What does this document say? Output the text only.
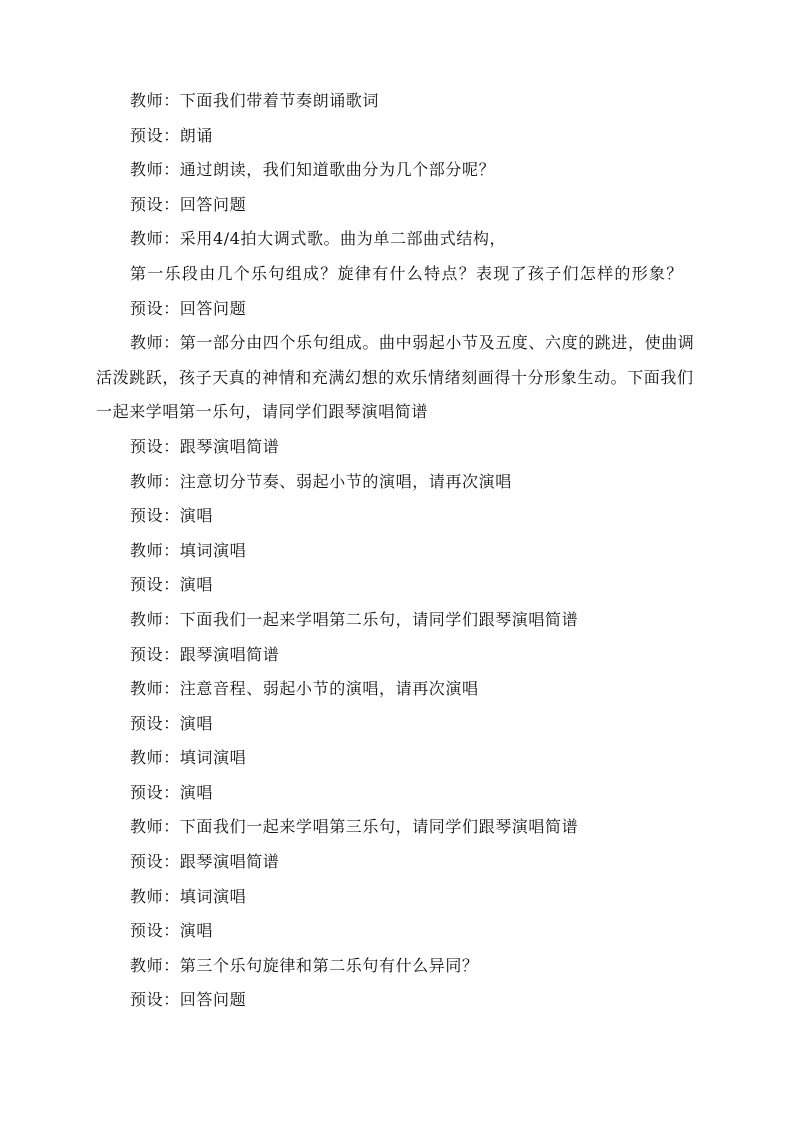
教师：下面我们带着节奏朗诵歌词

预设：朗诵

教师：通过朗读，我们知道歌曲分为几个部分呢？

预设：回答问题

教师：采用4/4拍大调式歌。曲为单二部曲式结构，

第一乐段由几个乐句组成？旋律有什么特点？表现了孩子们怎样的形象？

预设：回答问题

教师：第一部分由四个乐句组成。曲中弱起小节及五度、六度的跳进，使曲调活泼跳跃，孩子天真的神情和充满幻想的欢乐情绪刻画得十分形象生动。下面我们一起来学唱第一乐句，请同学们跟琴演唱简谱

预设：跟琴演唱简谱

教师：注意切分节奏、弱起小节的演唱，请再次演唱

预设：演唱

教师：填词演唱

预设：演唱

教师：下面我们一起来学唱第二乐句，请同学们跟琴演唱简谱

预设：跟琴演唱简谱

教师：注意音程、弱起小节的演唱，请再次演唱

预设：演唱

教师：填词演唱

预设：演唱

教师：下面我们一起来学唱第三乐句，请同学们跟琴演唱简谱

预设：跟琴演唱简谱

教师：填词演唱

预设：演唱

教师：第三个乐句旋律和第二乐句有什么异同？

预设：回答问题
